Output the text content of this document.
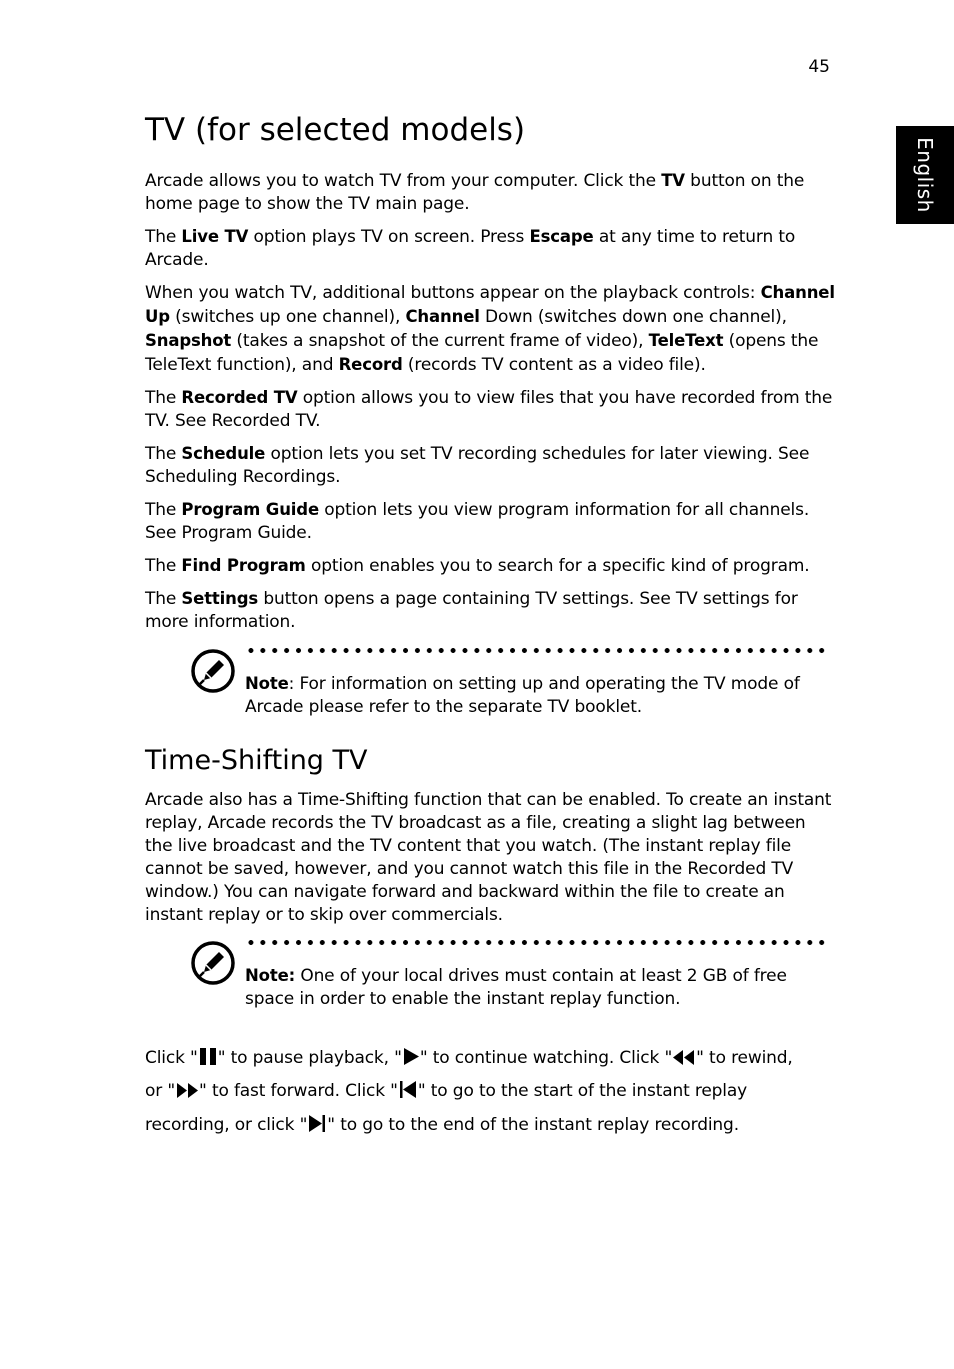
45
English
TV (for selected models)

Arcade allows you to watch TV from your computer. Click the TV button on the home page to show the TV main page.

The Live TV option plays TV on screen. Press Escape at any time to return to Arcade.

When you watch TV, additional buttons appear on the playback controls: Channel Up (switches up one channel), Channel Down (switches down one channel), Snapshot (takes a snapshot of the current frame of video), TeleText (opens the TeleText function), and Record (records TV content as a video file).

The Recorded TV option allows you to view files that you have recorded from the TV. See Recorded TV.

The Schedule option lets you set TV recording schedules for later viewing. See Scheduling Recordings.

The Program Guide option lets you view program information for all channels. See Program Guide.

The Find Program option enables you to search for a specific kind of program.

The Settings button opens a page containing TV settings. See TV settings for more information.

Note: For information on setting up and operating the TV mode of Arcade please refer to the separate TV booklet.

Time-Shifting TV

Arcade also has a Time-Shifting function that can be enabled. To create an instant replay, Arcade records the TV broadcast as a file, creating a slight lag between the live broadcast and the TV content that you watch. (The instant replay file cannot be saved, however, and you cannot watch this file in the Recorded TV window.) You can navigate forward and backward within the file to create an instant replay or to skip over commercials.

Note: One of your local drives must contain at least 2 GB of free space in order to enable the instant replay function.

Click " " to pause playback, " " to continue watching. Click " " to rewind,

or " " to fast forward. Click " " to go to the start of the instant replay

recording, or click " " to go to the end of the instant replay recording.
